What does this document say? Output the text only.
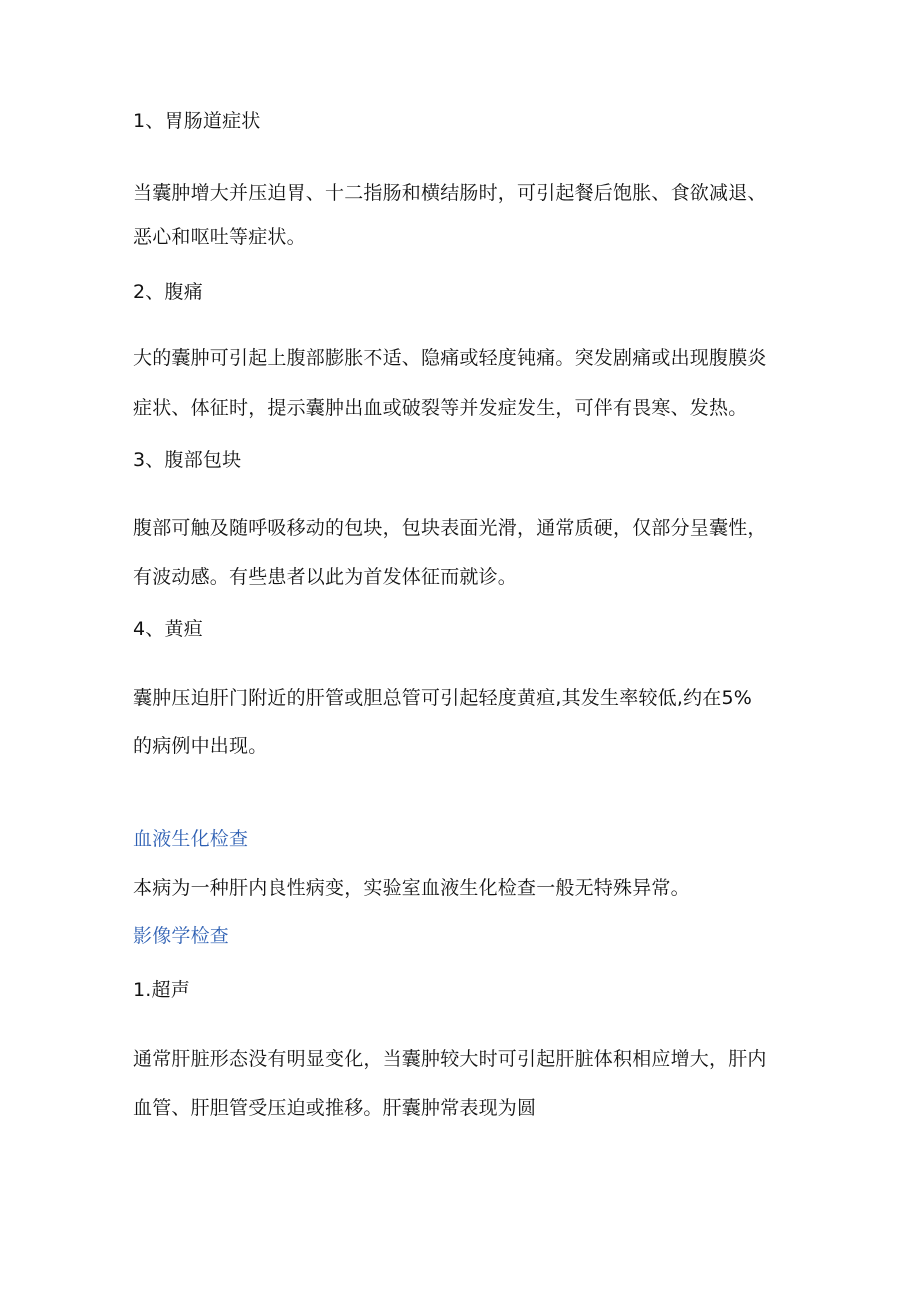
1、胃肠道症状
当囊肿增大并压迫胃、十二指肠和横结肠时，可引起餐后饱胀、食欲减退、
恶心和呕吐等症状。
2、腹痛
大的囊肿可引起上腹部膨胀不适、隐痛或轻度钝痛。突发剧痛或出现腹膜炎
症状、体征时，提示囊肿出血或破裂等并发症发生，可伴有畏寒、发热。
3、腹部包块
腹部可触及随呼吸移动的包块，包块表面光滑，通常质硬，仅部分呈囊性，
有波动感。有些患者以此为首发体征而就诊。
4、黄疸
囊肿压迫肝门附近的肝管或胆总管可引起轻度黄疸,其发生率较低,约在5%
的病例中出现。
血液生化检查
本病为一种肝内良性病变，实验室血液生化检查一般无特殊异常。
影像学检查
1.超声
通常肝脏形态没有明显变化，当囊肿较大时可引起肝脏体积相应增大，肝内
血管、肝胆管受压迫或推移。肝囊肿常表现为圆
